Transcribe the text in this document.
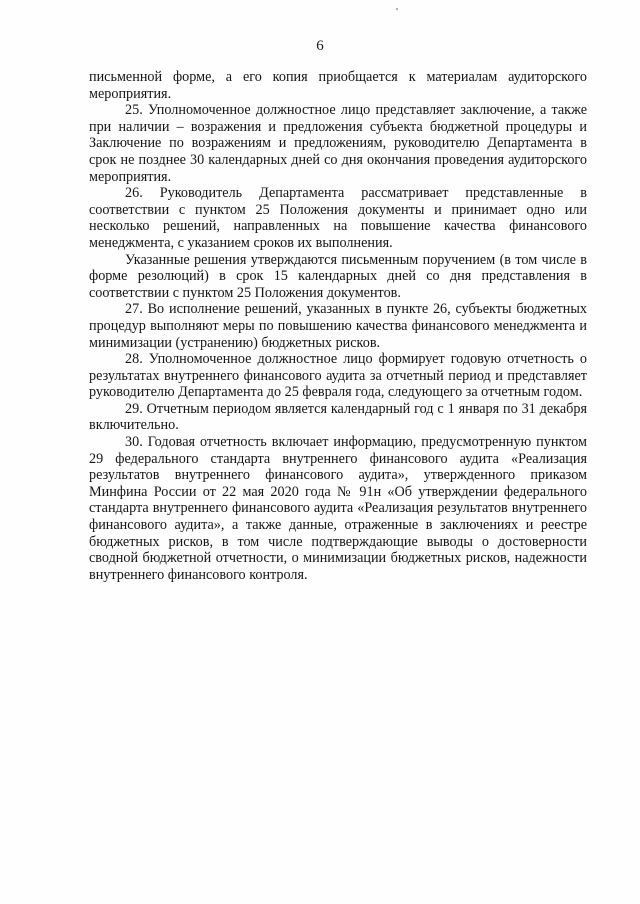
6

письменной форме, а его копия приобщается к материалам аудиторского мероприятия.

25. Уполномоченное должностное лицо представляет заключение, а также при наличии – возражения и предложения субъекта бюджетной процедуры и Заключение по возражениям и предложениям, руководителю Департамента в срок не позднее 30 календарных дней со дня окончания проведения аудиторского мероприятия.

26. Руководитель Департамента рассматривает представленные в соответствии с пунктом 25 Положения документы и принимает одно или несколько решений, направленных на повышение качества финансового менеджмента, с указанием сроков их выполнения.

Указанные решения утверждаются письменным поручением (в том числе в форме резолюций) в срок 15 календарных дней со дня представления в соответствии с пунктом 25 Положения документов.

27. Во исполнение решений, указанных в пункте 26, субъекты бюджетных процедур выполняют меры по повышению качества финансового менеджмента и минимизации (устранению) бюджетных рисков.

28. Уполномоченное должностное лицо формирует годовую отчетность о результатах внутреннего финансового аудита за отчетный период и представляет руководителю Департамента до 25 февраля года, следующего за отчетным годом.

29. Отчетным периодом является календарный год с 1 января по 31 декабря включительно.

30. Годовая отчетность включает информацию, предусмотренную пунктом 29 федерального стандарта внутреннего финансового аудита «Реализация результатов внутреннего финансового аудита», утвержденного приказом Минфина России от 22 мая 2020 года № 91н «Об утверждении федерального стандарта внутреннего финансового аудита «Реализация результатов внутреннего финансового аудита», а также данные, отраженные в заключениях и реестре бюджетных рисков, в том числе подтверждающие выводы о достоверности сводной бюджетной отчетности, о минимизации бюджетных рисков, надежности внутреннего финансового контроля.
